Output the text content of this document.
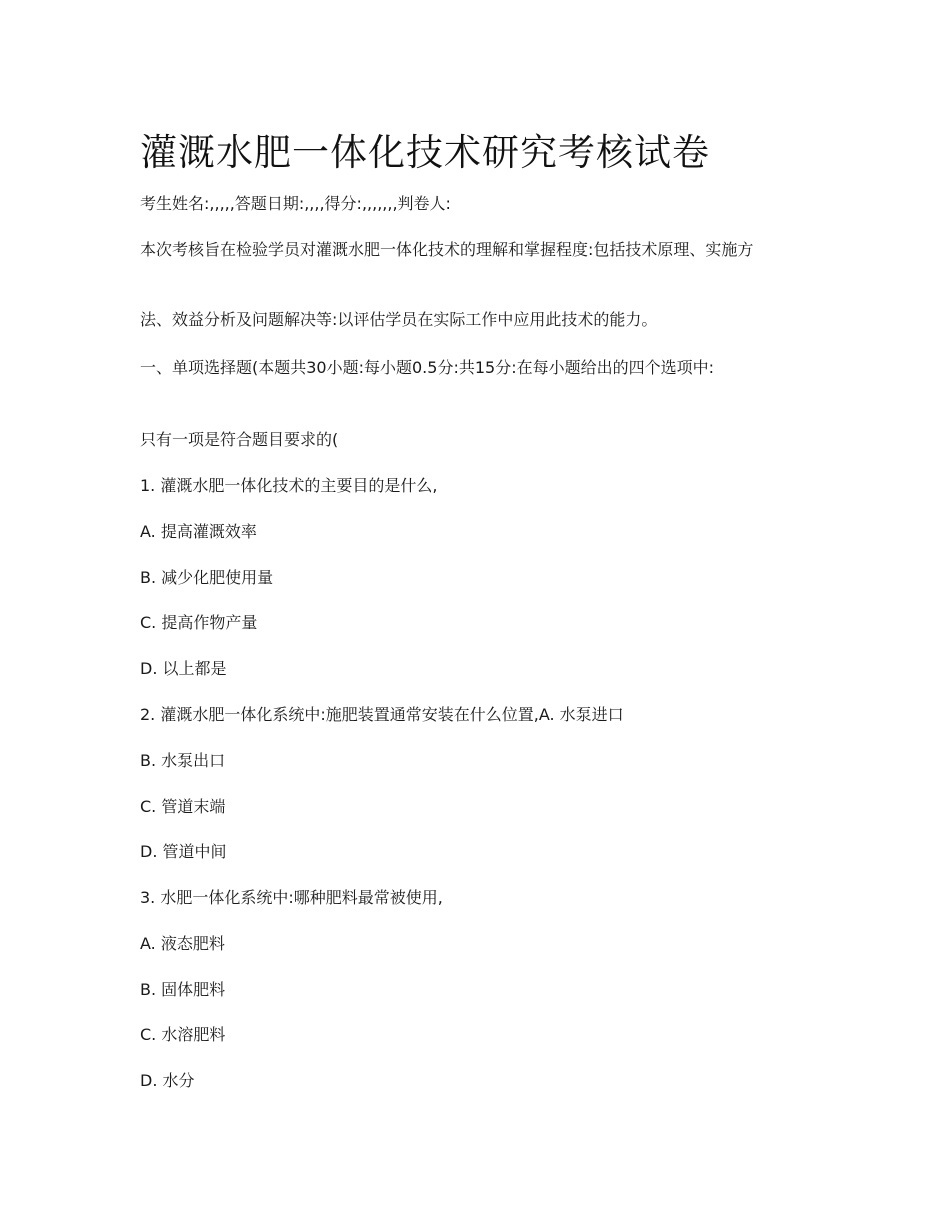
灌溉水肥一体化技术研究考核试卷

考生姓名:,,,,,答题日期:,,,,得分:,,,,,,,判卷人:

本次考核旨在检验学员对灌溉水肥一体化技术的理解和掌握程度:包括技术原理、实施方

法、效益分析及问题解决等:以评估学员在实际工作中应用此技术的能力。

一、单项选择题(本题共30小题:每小题0.5分:共15分:在每小题给出的四个选项中:

只有一项是符合题目要求的(

1. 灌溉水肥一体化技术的主要目的是什么,

A. 提高灌溉效率

B. 减少化肥使用量

C. 提高作物产量

D. 以上都是

2. 灌溉水肥一体化系统中:施肥装置通常安装在什么位置,A. 水泵进口

B. 水泵出口

C. 管道末端

D. 管道中间

3. 水肥一体化系统中:哪种肥料最常被使用,

A. 液态肥料

B. 固体肥料

C. 水溶肥料

D. 水分
